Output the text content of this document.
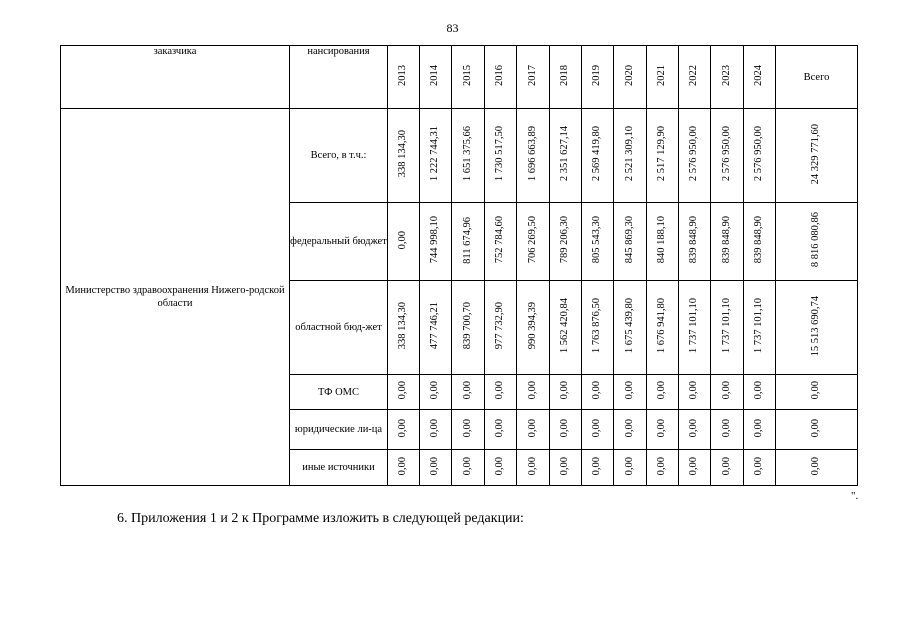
83
заказчика	нансирования	2013	2014	2015	2016	2017	2018	2019	2020	2021	2022	2023	2024	Всего
Министерство здравоохранения Нижего-родской области	Всего, в т.ч.:	338 134,30	1 222 744,31	1 651 375,66	1 730 517,50	1 696 663,89	2 351 627,14	2 569 419,80	2 521 309,10	2 517 129,90	2 576 950,00	2 576 950,00	2 576 950,00	24 329 771,60
	федеральный бюджет	0,00	744 998,10	811 674,96	752 784,60	706 269,50	789 206,30	805 543,30	845 869,30	840 188,10	839 848,90	839 848,90	839 848,90	8 816 080,86
	областной бюд-жет	338 134,30	477 746,21	839 700,70	977 732,90	990 394,39	1 562 420,84	1 763 876,50	1 675 439,80	1 676 941,80	1 737 101,10	1 737 101,10	1 737 101,10	15 513 690,74
	ТФ ОМС	0,00	0,00	0,00	0,00	0,00	0,00	0,00	0,00	0,00	0,00	0,00	0,00	0,00
	юридические ли-ца	0,00	0,00	0,00	0,00	0,00	0,00	0,00	0,00	0,00	0,00	0,00	0,00	0,00
	иные источники	0,00	0,00	0,00	0,00	0,00	0,00	0,00	0,00	0,00	0,00	0,00	0,00	0,00
".
6. Приложения 1 и 2 к Программе изложить в следующей редакции:
